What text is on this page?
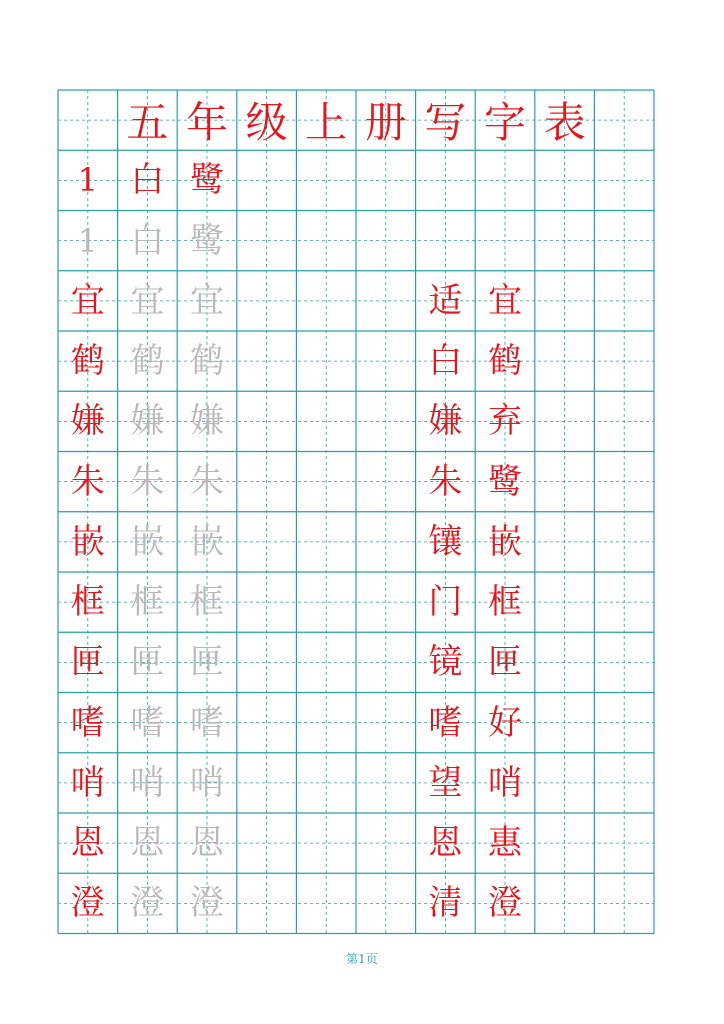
五 年 级 上 册 写 字 表
1 白 鹭
1 白 鹭
宜 宜 宜	适 宜
鹤 鹤 鹤	白 鹤
嫌 嫌 嫌	嫌 弃
朱 朱 朱	朱 鹭
嵌 嵌 嵌	镶 嵌
框 框 框	门 框
匣 匣 匣	镜 匣
嗜 嗜 嗜	嗜 好
哨 哨 哨	望 哨
恩 恩 恩	恩 惠
澄 澄 澄	清 澄
第1页
